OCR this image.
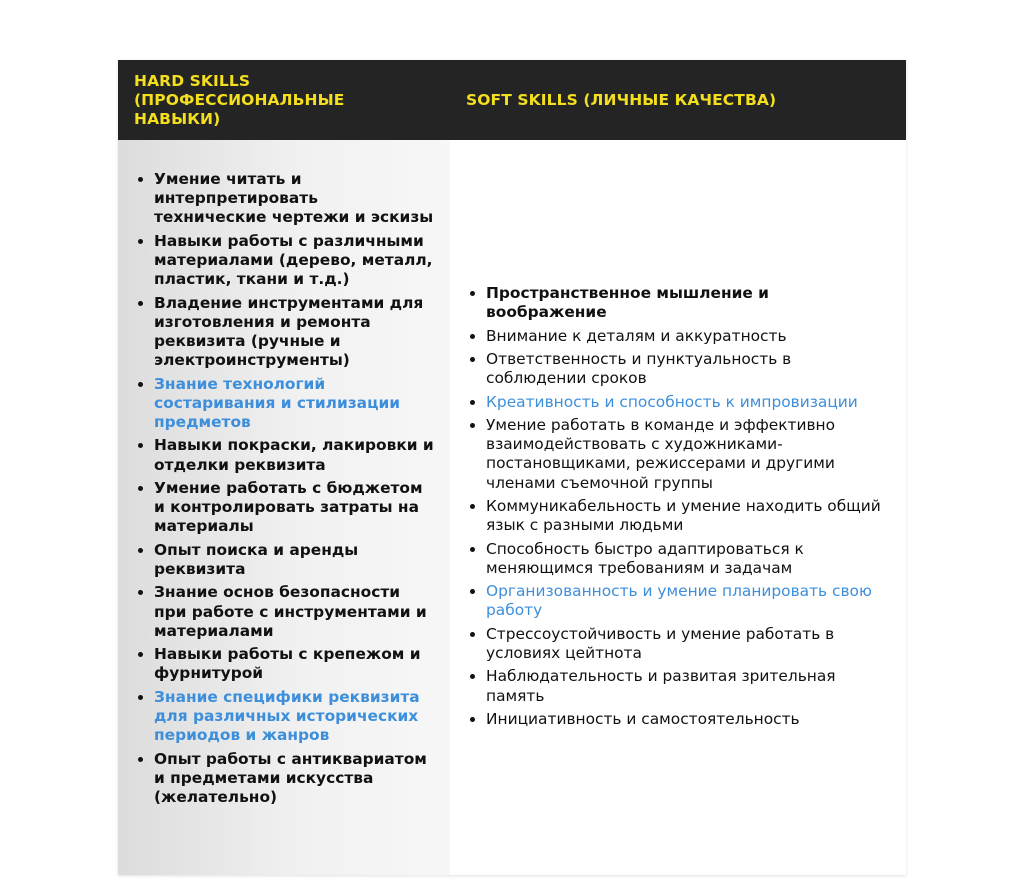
HARD SKILLS (ПРОФЕССИОНАЛЬНЫЕ НАВЫКИ)
SOFT SKILLS (ЛИЧНЫЕ КАЧЕСТВА)
Умение читать и интерпретировать технические чертежи и эскизы
Навыки работы с различными материалами (дерево, металл, пластик, ткани и т.д.)
Владение инструментами для изготовления и ремонта реквизита (ручные и электроинструменты)
Знание технологий состаривания и стилизации предметов
Навыки покраски, лакировки и отделки реквизита
Умение работать с бюджетом и контролировать затраты на материалы
Опыт поиска и аренды реквизита
Знание основ безопасности при работе с инструментами и материалами
Навыки работы с крепежом и фурнитурой
Знание специфики реквизита для различных исторических периодов и жанров
Опыт работы с антиквариатом и предметами искусства (желательно)
Пространственное мышление и воображение
Внимание к деталям и аккуратность
Ответственность и пунктуальность в соблюдении сроков
Креативность и способность к импровизации
Умение работать в команде и эффективно взаимодействовать с художниками-постановщиками, режиссерами и другими членами съемочной группы
Коммуникабельность и умение находить общий язык с разными людьми
Способность быстро адаптироваться к меняющимся требованиям и задачам
Организованность и умение планировать свою работу
Стрессоустойчивость и умение работать в условиях цейтнота
Наблюдательность и развитая зрительная память
Инициативность и самостоятельность
